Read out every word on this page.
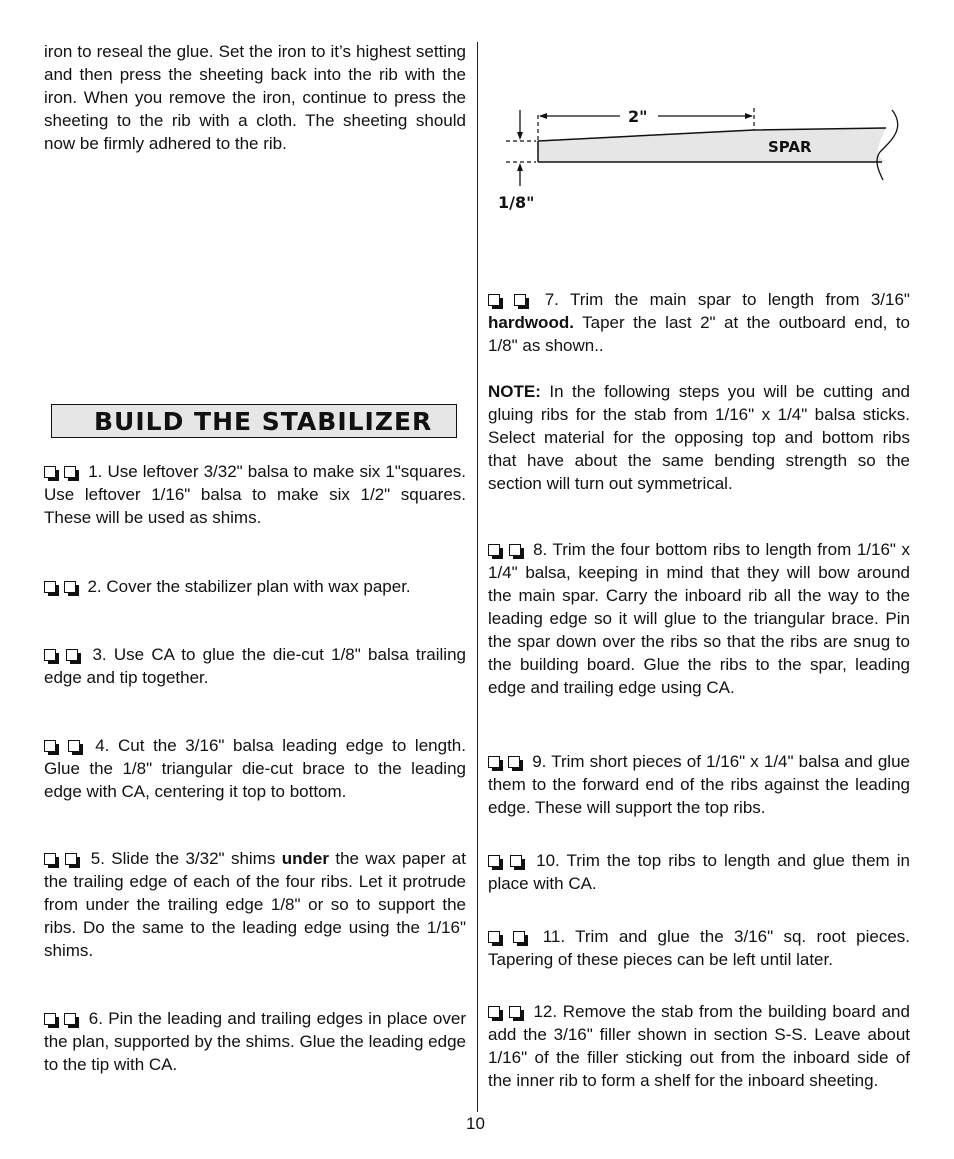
iron to reseal the glue. Set the iron to it’s highest setting and then press the sheeting back into the rib with the iron. When you remove the iron, continue to press the sheeting to the rib with a cloth. The sheeting should now be firmly adhered to the rib.

BUILD THE STABILIZER

1. Use leftover 3/32" balsa to make six 1"squares. Use leftover 1/16" balsa to make six 1/2" squares. These will be used as shims.

2. Cover the stabilizer plan with wax paper.

3. Use CA to glue the die-cut 1/8" balsa trailing edge and tip together.

4. Cut the 3/16" balsa leading edge to length. Glue the 1/8" triangular die-cut brace to the leading edge with CA, centering it top to bottom.

5. Slide the 3/32" shims under the wax paper at the trailing edge of each of the four ribs. Let it protrude from under the trailing edge 1/8" or so to support the ribs. Do the same to the leading edge using the 1/16" shims.

6. Pin the leading and trailing edges in place over the plan, supported by the shims. Glue the leading edge to the tip with CA.

2"
SPAR
1/8"

7. Trim the main spar to length from 3/16" hardwood. Taper the last 2" at the outboard end, to 1/8" as shown..

NOTE: In the following steps you will be cutting and gluing ribs for the stab from 1/16" x 1/4" balsa sticks. Select material for the opposing top and bottom ribs that have about the same bending strength so the section will turn out symmetrical.

8. Trim the four bottom ribs to length from 1/16" x 1/4" balsa, keeping in mind that they will bow around the main spar. Carry the inboard rib all the way to the leading edge so it will glue to the triangular brace. Pin the spar down over the ribs so that the ribs are snug to the building board. Glue the ribs to the spar, leading edge and trailing edge using CA.

9. Trim short pieces of 1/16" x 1/4" balsa and glue them to the forward end of the ribs against the leading edge. These will support the top ribs.

10. Trim the top ribs to length and glue them in place with CA.

11. Trim and glue the 3/16" sq. root pieces. Tapering of these pieces can be left until later.

12. Remove the stab from the building board and add the 3/16" filler shown in section S-S. Leave about 1/16" of the filler sticking out from the inboard side of the inner rib to form a shelf for the inboard sheeting.

10
